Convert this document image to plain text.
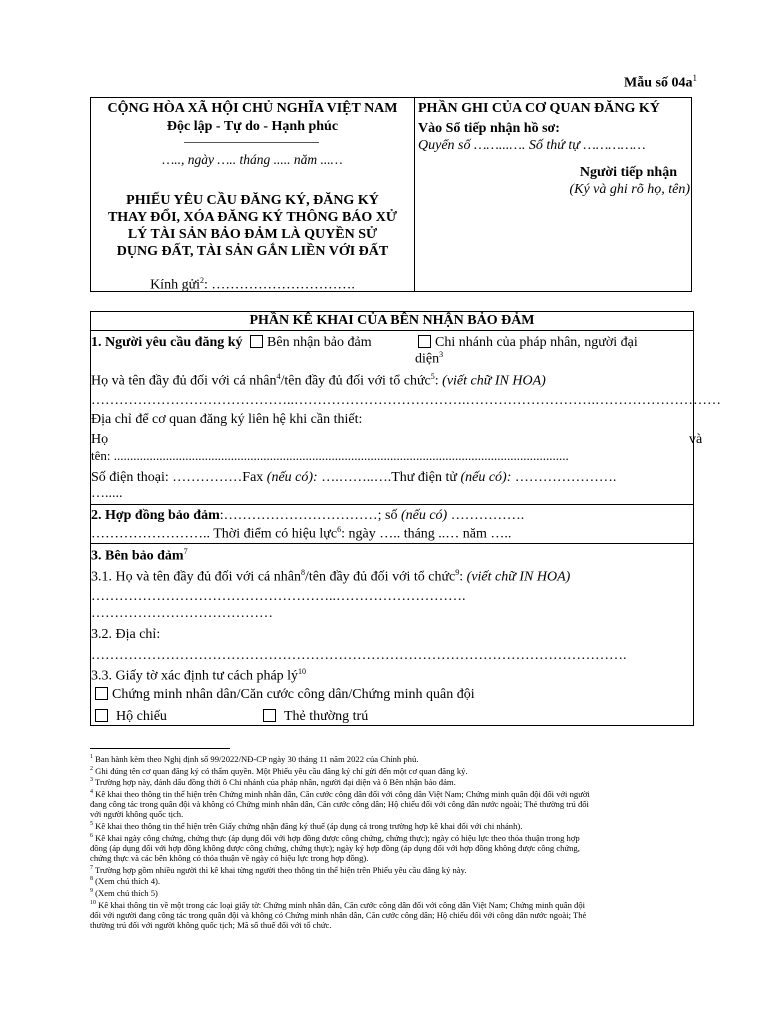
Mẫu số $04a^1$
CỘNG HÒA XÃ HỘI CHỦ NGHĨA VIỆT NAM
Độc lập - Tự do - Hạnh phúc
….., ngày ….. tháng ..... năm ...…
PHIẾU YÊU CẦU ĐĂNG KÝ, ĐĂNG KÝ
THAY ĐỔI, XÓA ĐĂNG KÝ THÔNG BÁO XỬ
LÝ TÀI SẢN BẢO ĐẢM LÀ QUYỀN SỬ
DỤNG ĐẤT, TÀI SẢN GẮN LIỀN VỚI ĐẤT
Kính gửi$^2$: ………………………….
PHẦN GHI CỦA CƠ QUAN ĐĂNG KÝ
Vào Sổ tiếp nhận hồ sơ:
Quyển số ……...…. Số thứ tự ……………
Người tiếp nhận
(Ký và ghi rõ họ, tên)
PHẦN KÊ KHAI CỦA BÊN NHẬN BẢO ĐẢM
1. Người yêu cầu đăng ký Bên nhận bảo đảm	Chi nhánh của pháp nhân, người đại
diện$^3$
Họ và tên đầy đủ đối với cá nhân$^4$/tên đầy đủ đối với tổ chức$^5$: (viết chữ IN HOA)
……………………………………..……………………………….……………………….………………………
Địa chỉ để cơ quan đăng ký liên hệ khi cần thiết:
Họ	và
tên: ............................................................................................................................................
Số điện thoại: ……………Fax (nếu có): ….……..….Thư điện tử (nếu có): ………………….
….....
2. Hợp đồng bảo đảm:……………………………; số (nếu có) …………….
…………………….. Thời điểm có hiệu lực$^6$: ngày ….. tháng ..… năm …..
3. Bên bảo đảm$^7$
3.1. Họ và tên đầy đủ đối với cá nhân$^8$/tên đầy đủ đối với tổ chức$^9$: (viết chữ IN HOA)
……………………………………………..……………………….
…………………………………
3.2. Địa chỉ:
…………………………………………………………………………………………………….
3.3. Giấy tờ xác định tư cách pháp $lý^{10}$
Chứng minh nhân dân/Căn cước công dân/Chứng minh quân đội
Hộ chiếu	Thẻ thường trú
$^1$ Ban hành kèm theo Nghị định số 99/2022/NĐ-CP ngày 30 tháng 11 năm 2022 của Chính phủ.
$^2$ Ghi đúng tên cơ quan đăng ký có thẩm quyền. Một Phiếu yêu cầu đăng ký chỉ gửi đến một cơ quan đăng ký.
$^3$ Trường hợp này, đánh dấu đồng thời ô Chi nhánh của pháp nhân, người đại diện và ô Bên nhận bảo đảm.
$^4$ Kê khai theo thông tin thể hiện trên Chứng minh nhân dân, Căn cước công dân đối với công dân Việt Nam; Chứng minh quân đội đối với người
đang công tác trong quân đội và không có Chứng minh nhân dân, Căn cước công dân; Hộ chiếu đối với công dân nước ngoài; Thẻ thường trú đối
với người không quốc tịch.
$^5$ Kê khai theo thông tin thể hiện trên Giấy chứng nhận đăng ký thuế (áp dụng cả trong trường hợp kê khai đối với chi nhánh).
$^6$ Kê khai ngày công chứng, chứng thực (áp dụng đối với hợp đồng được công chứng, chứng thực); ngày có hiệu lực theo thỏa thuận trong hợp
đồng (áp dụng đối với hợp đồng không được công chứng, chứng thực); ngày ký hợp đồng (áp dụng đối với hợp đồng không được công chứng,
chứng thực và các bên không có thỏa thuận về ngày có hiệu lực trong hợp đồng).
$^7$ Trường hợp gồm nhiều người thì kê khai từng người theo thông tin thể hiện trên Phiếu yêu cầu đăng ký này.
$^8$ (Xem chú thích 4).
$^9$ (Xem chú thích 5)
$^{10}$ Kê khai thông tin về một trong các loại giấy tờ: Chứng minh nhân dân, Căn cước công dân đối với công dân Việt Nam; Chứng minh quân đội
đối với người đang công tác trong quân đội và không có Chứng minh nhân dân, Căn cước công dân; Hộ chiếu đối với công dân nước ngoài; Thẻ
thường trú đối với người không quốc tịch; Mã số thuế đối với tổ chức.
